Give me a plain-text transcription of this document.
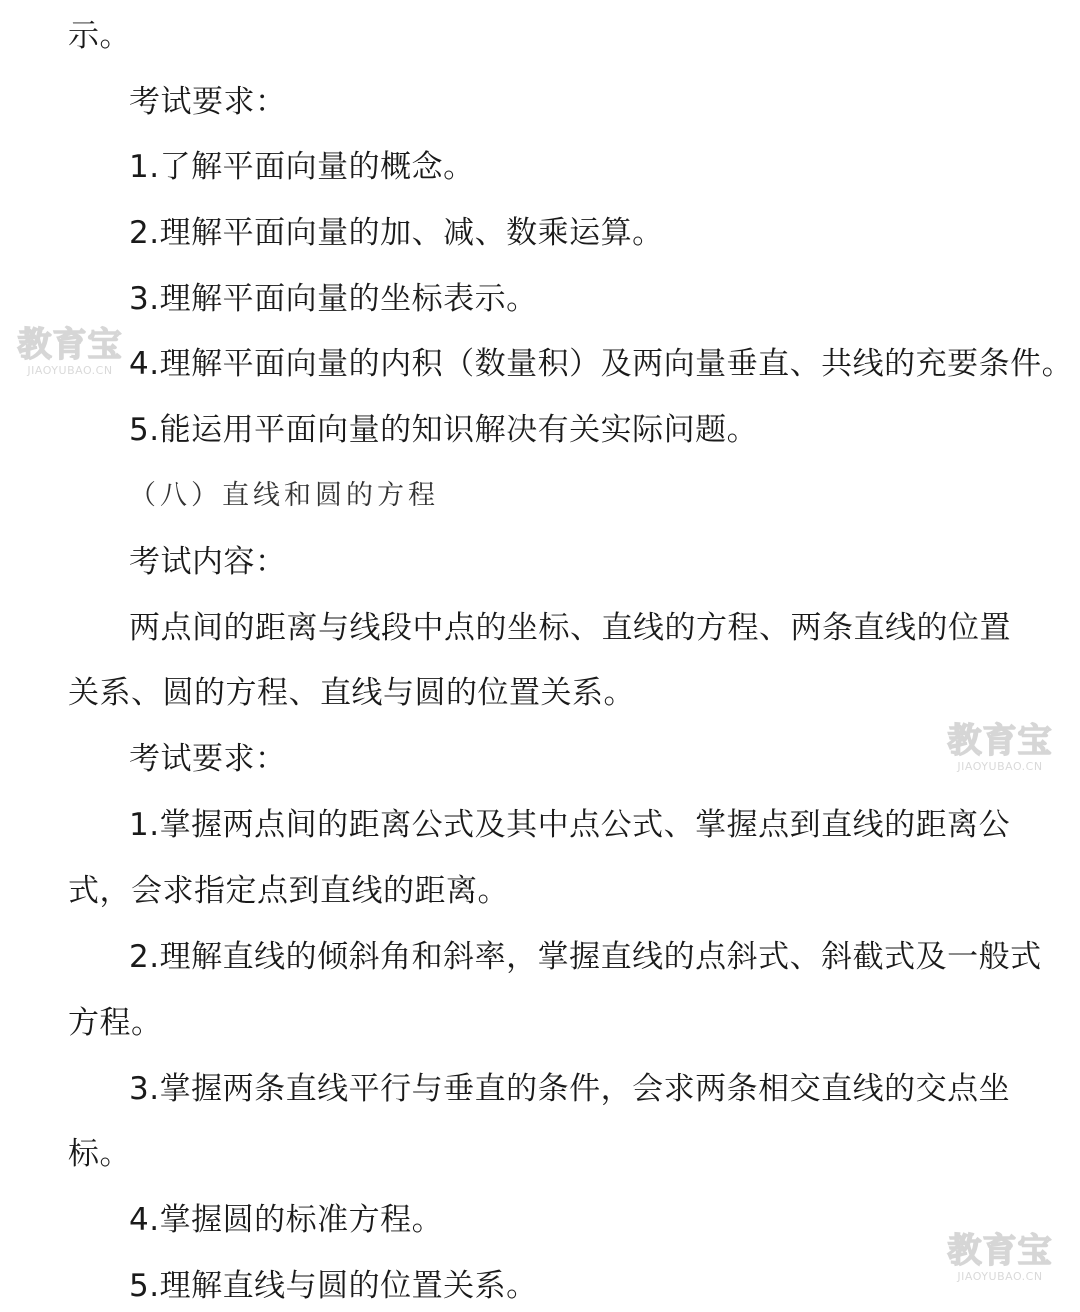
示。
考试要求：
1.了解平面向量的概念。
2.理解平面向量的加、减、数乘运算。
3.理解平面向量的坐标表示。
4.理解平面向量的内积（数量积）及两向量垂直、共线的充要条件。
5.能运用平面向量的知识解决有关实际问题。
（八）直线和圆的方程
考试内容：
两点间的距离与线段中点的坐标、直线的方程、两条直线的位置
关系、圆的方程、直线与圆的位置关系。
考试要求：
1.掌握两点间的距离公式及其中点公式、掌握点到直线的距离公
式，会求指定点到直线的距离。
2.理解直线的倾斜角和斜率，掌握直线的点斜式、斜截式及一般式
方程。
3.掌握两条直线平行与垂直的条件，会求两条相交直线的交点坐
标。
4.掌握圆的标准方程。
5.理解直线与圆的位置关系。
教育宝
JIAOYUBAO.CN
教育宝
JIAOYUBAO.CN
教育宝
JIAOYUBAO.CN
